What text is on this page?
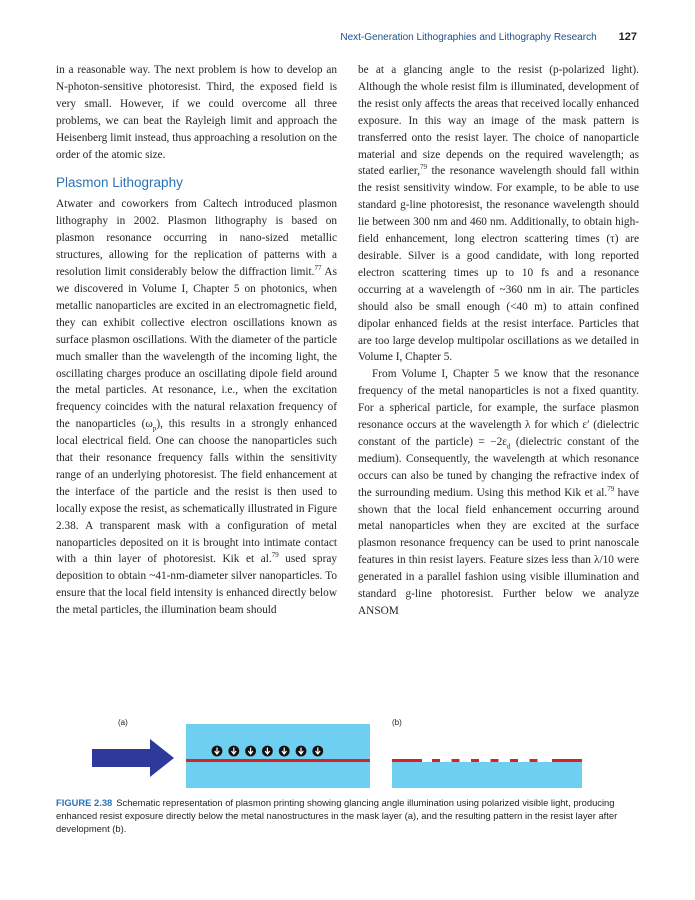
Next-Generation Lithographies and Lithography Research 127

in a reasonable way. The next problem is how to develop an N-photon-sensitive photoresist. Third, the exposed field is very small. However, if we could overcome all three problems, we can beat the Rayleigh limit and approach the Heisenberg limit instead, thus approaching a resolution on the order of the atomic size.

Plasmon Lithography

Atwater and coworkers from Caltech introduced plasmon lithography in 2002. Plasmon lithography is based on plasmon resonance occurring in nano-sized metallic structures, allowing for the replication of patterns with a resolution limit considerably below the diffraction limit.$^{77}$ As we discovered in Volume I, Chapter 5 on photonics, when metallic nanoparticles are excited in an electromagnetic field, they can exhibit collective electron oscillations known as surface plasmon oscillations. With the diameter of the particle much smaller than the wavelength of the incoming light, the oscillating charges produce an oscillating dipole field around the metal particles. At resonance, i.e., when the excitation frequency coincides with the natural relaxation frequency of the nanoparticles $(\omega_p)$, this results in a strongly enhanced local electrical field. One can choose the nanoparticles such that their resonance frequency falls within the sensitivity range of an underlying photoresist. The field enhancement at the interface of the particle and the resist is then used to locally expose the resist, as schematically illustrated in Figure 2.38. A transparent mask with a configuration of metal nanoparticles deposited on it is brought into intimate contact with a thin layer of photoresist. Kik et al.$^{79}$ used spray deposition to obtain ~41-nm-diameter silver nanoparticles. To ensure that the local field intensity is enhanced directly below the metal particles, the illumination beam should

be at a glancing angle to the resist (p-polarized light). Although the whole resist film is illuminated, development of the resist only affects the areas that received locally enhanced exposure. In this way an image of the mask pattern is transferred onto the resist layer. The choice of nanoparticle material and size depends on the required wavelength; as stated earlier,$^{79}$ the resonance wavelength should fall within the resist sensitivity window. For example, to be able to use standard g-line photoresist, the resonance wavelength should lie between 300 nm and 460 nm. Additionally, to obtain high-field enhancement, long electron scattering times (τ) are desirable. Silver is a good candidate, with long reported electron scattering times up to 10 fs and a resonance occurring at a wavelength of ~360 nm in air. The particles should also be small enough (<40 m) to attain confined dipolar enhanced fields at the resist interface. Particles that are too large develop multipolar oscillations as we detailed in Volume I, Chapter 5.

From Volume I, Chapter 5 we know that the resonance frequency of the metal nanoparticles is not a fixed quantity. For a spherical particle, for example, the surface plasmon resonance occurs at the wavelength λ for which ε′ (dielectric constant of the particle) = $-2\varepsilon_d$ (dielectric constant of the medium). Consequently, the wavelength at which resonance occurs can also be tuned by changing the refractive index of the surrounding medium. Using this method Kik et al.$^{79}$ have shown that the local field enhancement occurring around metal nanoparticles when they are excited at the surface plasmon resonance frequency can be used to print nanoscale features in thin resist layers. Feature sizes less than λ/10 were generated in a parallel fashion using visible illumination and standard g-line photoresist. Further below we analyze ANSOM

(a)	(b)
FIGURE 2.38 Schematic representation of plasmon printing showing glancing angle illumination using polarized visible light, producing enhanced resist exposure directly below the metal nanostructures in the mask layer (a), and the resulting pattern in the resist layer after development (b).
